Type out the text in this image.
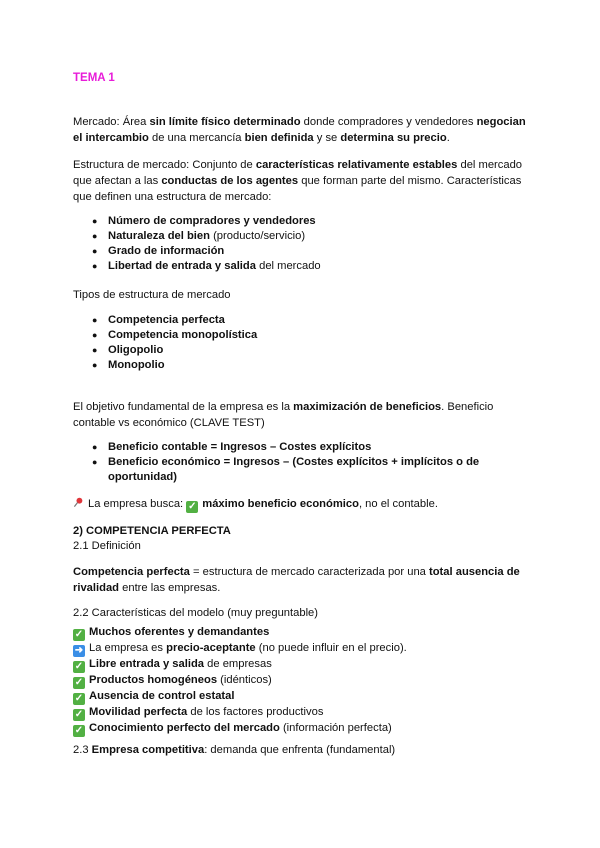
TEMA 1
Mercado: Área sin límite físico determinado donde compradores y vendedores negocian el intercambio de una mercancía bien definida y se determina su precio.
Estructura de mercado: Conjunto de características relativamente estables del mercado que afectan a las conductas de los agentes que forman parte del mismo. Características que definen una estructura de mercado:
● Número de compradores y vendedores
● Naturaleza del bien (producto/servicio)
● Grado de información
● Libertad de entrada y salida del mercado
Tipos de estructura de mercado
● Competencia perfecta
● Competencia monopolística
● Oligopolio
● Monopolio
El objetivo fundamental de la empresa es la maximización de beneficios. Beneficio contable vs económico (CLAVE TEST)
● Beneficio contable = Ingresos – Costes explícitos
● Beneficio económico = Ingresos – (Costes explícitos + implícitos o de oportunidad)
La empresa busca: ✓ máximo beneficio económico, no el contable.
2) COMPETENCIA PERFECTA
2.1 Definición
Competencia perfecta = estructura de mercado caracterizada por una total ausencia de rivalidad entre las empresas.
2.2 Características del modelo (muy preguntable)
✓ Muchos oferentes y demandantes
➜ La empresa es precio-aceptante (no puede influir en el precio).
✓ Libre entrada y salida de empresas
✓ Productos homogéneos (idénticos)
✓ Ausencia de control estatal
✓ Movilidad perfecta de los factores productivos
✓ Conocimiento perfecto del mercado (información perfecta)
2.3 Empresa competitiva: demanda que enfrenta (fundamental)
